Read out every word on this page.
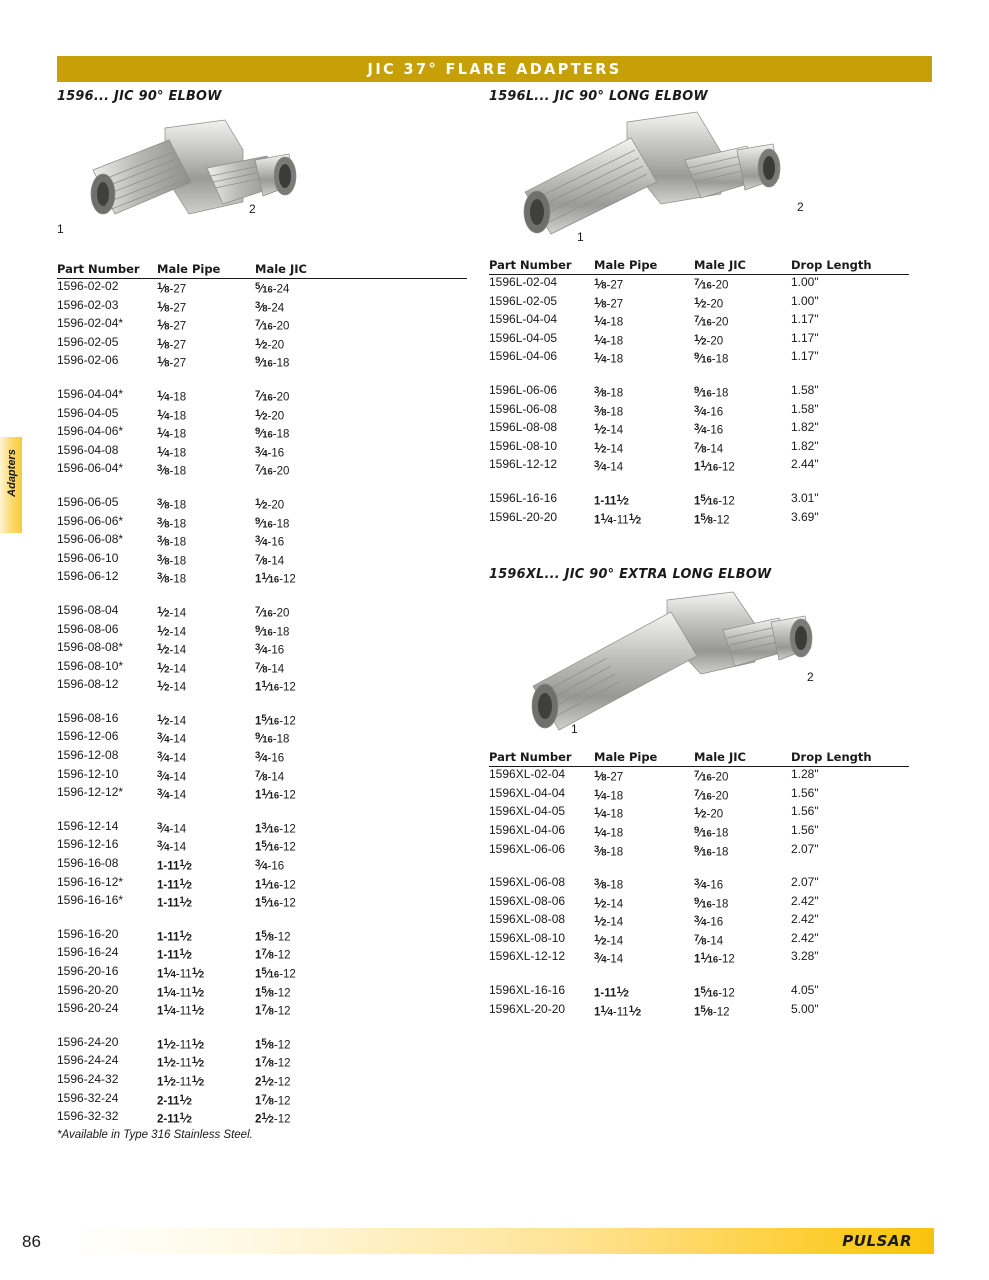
JIC 37° FLARE ADAPTERS
Adapters
1596... JIC 90° ELBOW
1
2
Part Number	Male Pipe	Male JIC
1596-02-02	$^1$⁄8-27	$^5$⁄16-24
1596-02-03	$^1$⁄8-27	$^3$⁄8-24
1596-02-04*	$^1$⁄8-27	$^7$⁄16-20
1596-02-05	$^1$⁄8-27	$^1$⁄2-20
1596-02-06	$^1$⁄8-27	$^9$⁄16-18

1596-04-04*	$^1$⁄4-18	$^7$⁄16-20
1596-04-05	$^1$⁄4-18	$^1$⁄2-20
1596-04-06*	$^1$⁄4-18	$^9$⁄16-18
1596-04-08	$^1$⁄4-18	$^3$⁄4-16
1596-06-04*	$^3$⁄8-18	$^7$⁄16-20

1596-06-05	$^3$⁄8-18	$^1$⁄2-20
1596-06-06*	$^3$⁄8-18	$^9$⁄16-18
1596-06-08*	$^3$⁄8-18	$^3$⁄4-16
1596-06-10	$^3$⁄8-18	$^7$⁄8-14
1596-06-12	$^3$⁄8-18	$1^1⁄16-12$

1596-08-04	$^1$⁄2-14	$^7$⁄16-20
1596-08-06	$^1$⁄2-14	$^9$⁄16-18
1596-08-08*	$^1$⁄2-14	$^3$⁄4-16
1596-08-10*	$^1$⁄2-14	$^7$⁄8-14
1596-08-12	$^1$⁄2-14	$1^1⁄16-12$

1596-08-16	$^1$⁄2-14	$1^5⁄16-12$
1596-12-06	$^3$⁄4-14	$^9$⁄16-18
1596-12-08	$^3$⁄4-14	$^3$⁄4-16
1596-12-10	$^3$⁄4-14	$^7$⁄8-14
1596-12-12*	$^3$⁄4-14	$1^1⁄16-12$

1596-12-14	$^3$⁄4-14	$1^3⁄16-12$
1596-12-16	$^3$⁄4-14	$1^5⁄16-12$
1596-16-08	$1-11^1⁄2$	$^3$⁄4-16
1596-16-12*	$1-11^1⁄2$	$1^1⁄16-12$
1596-16-16*	$1-11^1⁄2$	$1^5⁄16-12$

1596-16-20	$1-11^1⁄2$	$1^5⁄8-12$
1596-16-24	$1-11^1⁄2$	$1^7⁄8-12$
1596-20-16	$1^1⁄4-11^1⁄2$	$1^5⁄16-12$
1596-20-20	$1^1⁄4-11^1⁄2$	$1^5⁄8-12$
1596-20-24	$1^1⁄4-11^1⁄2$	$1^7⁄8-12$

1596-24-20	$1^1⁄2-11^1⁄2$	$1^5⁄8-12$
1596-24-24	$1^1⁄2-11^1⁄2$	$1^7⁄8-12$
1596-24-32	$1^1⁄2-11^1⁄2$	$2^1⁄2-12$
1596-32-24	$2-11^1⁄2$	$1^7⁄8-12$
1596-32-32	$2-11^1⁄2$	$2^1⁄2-12$
*Available in Type 316 Stainless Steel.
1596L... JIC 90° LONG ELBOW
1
2
Part Number	Male Pipe	Male JIC	Drop Length
1596L-02-04	$^1$⁄8-27	$^7$⁄16-20	1.00"
1596L-02-05	$^1$⁄8-27	$^1$⁄2-20	1.00"
1596L-04-04	$^1$⁄4-18	$^7$⁄16-20	1.17"
1596L-04-05	$^1$⁄4-18	$^1$⁄2-20	1.17"
1596L-04-06	$^1$⁄4-18	$^9$⁄16-18	1.17"

1596L-06-06	$^3$⁄8-18	$^9$⁄16-18	1.58"
1596L-06-08	$^3$⁄8-18	$^3$⁄4-16	1.58"
1596L-08-08	$^1$⁄2-14	$^3$⁄4-16	1.82"
1596L-08-10	$^1$⁄2-14	$^7$⁄8-14	1.82"
1596L-12-12	$^3$⁄4-14	$1^1⁄16-12$	2.44"

1596L-16-16	$1-11^1⁄2$	$1^5⁄16-12$	3.01"
1596L-20-20	$1^1⁄4-11^1⁄2$	$1^5⁄8-12$	3.69"
1596XL... JIC 90° EXTRA LONG ELBOW
1
2
Part Number	Male Pipe	Male JIC	Drop Length
1596XL-02-04	$^1$⁄8-27	$^7$⁄16-20	1.28"
1596XL-04-04	$^1$⁄4-18	$^7$⁄16-20	1.56"
1596XL-04-05	$^1$⁄4-18	$^1$⁄2-20	1.56"
1596XL-04-06	$^1$⁄4-18	$^9$⁄16-18	1.56"
1596XL-06-06	$^3$⁄8-18	$^9$⁄16-18	2.07"

1596XL-06-08	$^3$⁄8-18	$^3$⁄4-16	2.07"
1596XL-08-06	$^1$⁄2-14	$^9$⁄16-18	2.42"
1596XL-08-08	$^1$⁄2-14	$^3$⁄4-16	2.42"
1596XL-08-10	$^1$⁄2-14	$^7$⁄8-14	2.42"
1596XL-12-12	$^3$⁄4-14	$1^1⁄16-12$	3.28"

1596XL-16-16	$1-11^1⁄2$	$1^5⁄16-12$	4.05"
1596XL-20-20	$1^1⁄4-11^1⁄2$	$1^5⁄8-12$	5.00"
PULSAR
86
